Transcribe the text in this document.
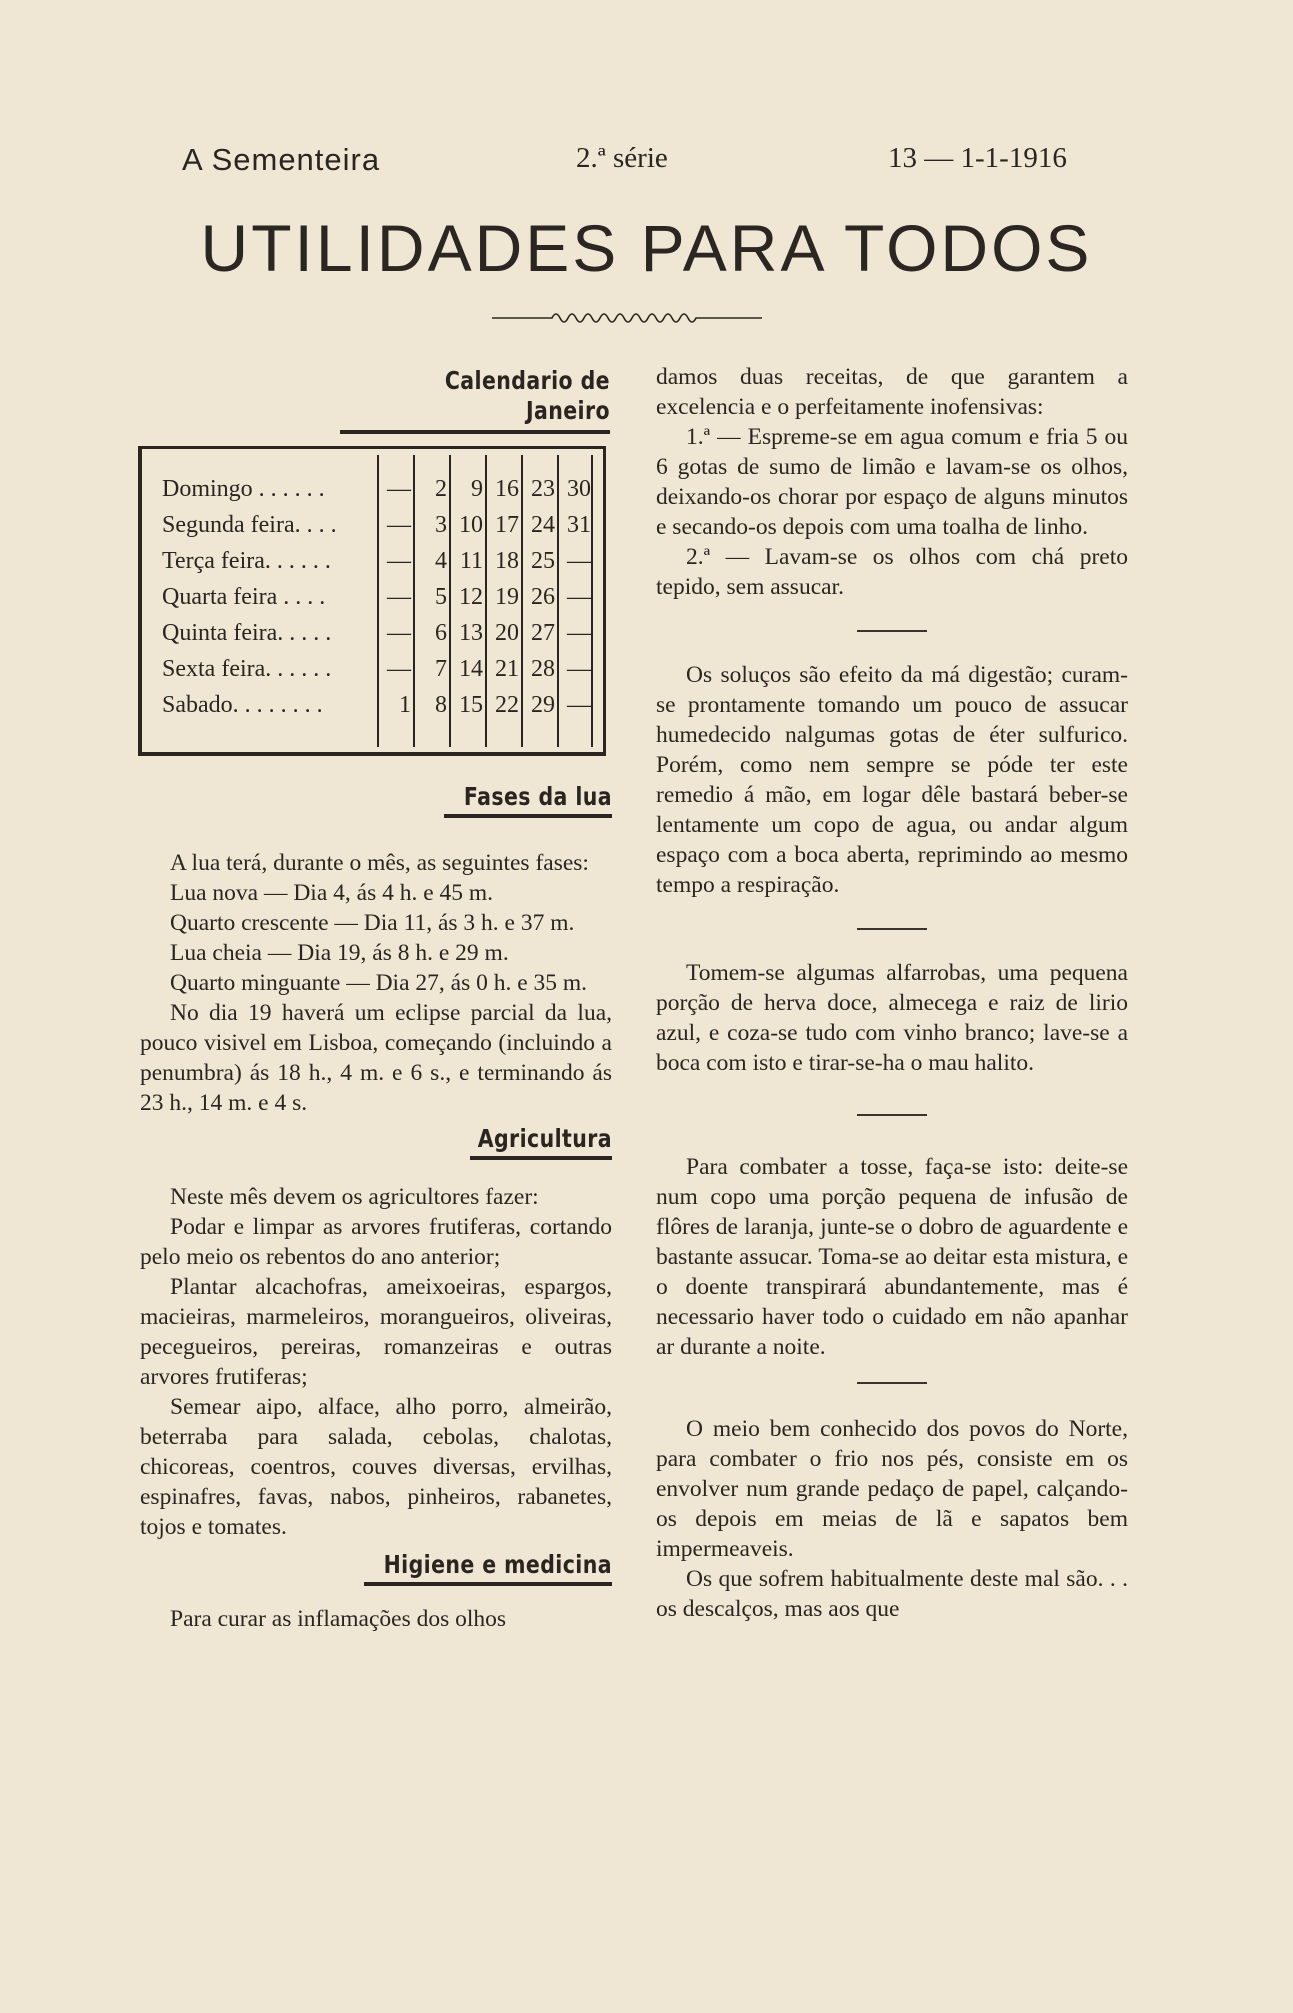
A Sementeira	2.ª série	13 — 1-1-1916
UTILIDADES PARA TODOS

Calendario de Janeiro

Domingo . . . . . .	—	2	9 16 23 30
Segunda feira. . . .	—	3 10 17 24 31
Terça feira. . . . . .	—	4 11 18 25 —
Quarta feira . . . .	—	5 12 19 26 —
Quinta feira. . . . .	—	6 13 20 27 —
Sexta feira. . . . . .	—	7 14 21 28 —
Sabado. . . . . . . .	1	8 15 22 29 —

Fases da lua

A lua terá, durante o mês, as seguintes fases:

Lua nova — Dia 4, ás 4 h. e 45 m.

Quarto crescente — Dia 11, ás 3 h. e 37 m.

Lua cheia — Dia 19, ás 8 h. e 29 m.

Quarto minguante — Dia 27, ás 0 h. e 35 m.

No dia 19 haverá um eclipse parcial da lua, pouco visivel em Lisboa, começando (incluindo a penumbra) ás 18 h., 4 m. e 6 s., e terminando ás 23 h., 14 m. e 4 s.

Agricultura

Neste mês devem os agricultores fazer:

Podar e limpar as arvores frutiferas, cortando pelo meio os rebentos do ano anterior;

Plantar alcachofras, ameixoeiras, espargos, macieiras, marmeleiros, morangueiros, oliveiras, pecegueiros, pereiras, romanzeiras e outras arvores frutiferas;

Semear aipo, alface, alho porro, almeirão, beterraba para salada, cebolas, chalotas, chicoreas, coentros, couves diversas, ervilhas, espinafres, favas, nabos, pinheiros, rabanetes, tojos e tomates.

Higiene e medicina

Para curar as inflamações dos olhos

damos duas receitas, de que garantem a excelencia e o perfeitamente inofensivas:

1.ª — Espreme-se em agua comum e fria 5 ou 6 gotas de sumo de limão e lavam-se os olhos, deixando-os chorar por espaço de alguns minutos e secando-os depois com uma toalha de linho.

2.ª — Lavam-se os olhos com chá preto tepido, sem assucar.

Os soluços são efeito da má digestão; curam-se prontamente tomando um pouco de assucar humedecido nalgumas gotas de éter sulfurico. Porém, como nem sempre se póde ter este remedio á mão, em logar dêle bastará beber-se lentamente um copo de agua, ou andar algum espaço com a boca aberta, reprimindo ao mesmo tempo a respiração.

Tomem-se algumas alfarrobas, uma pequena porção de herva doce, almecega e raiz de lirio azul, e coza-se tudo com vinho branco; lave-se a boca com isto e tirar-se-ha o mau halito.

Para combater a tosse, faça-se isto: deite-se num copo uma porção pequena de infusão de flôres de laranja, junte-se o dobro de aguardente e bastante assucar. Toma-se ao deitar esta mistura, e o doente transpirará abundantemente, mas é necessario haver todo o cuidado em não apanhar ar durante a noite.

O meio bem conhecido dos povos do Norte, para combater o frio nos pés, consiste em os envolver num grande pedaço de papel, calçando-os depois em meias de lã e sapatos bem impermeaveis.

Os que sofrem habitualmente deste mal são. . . os descalços, mas aos que
